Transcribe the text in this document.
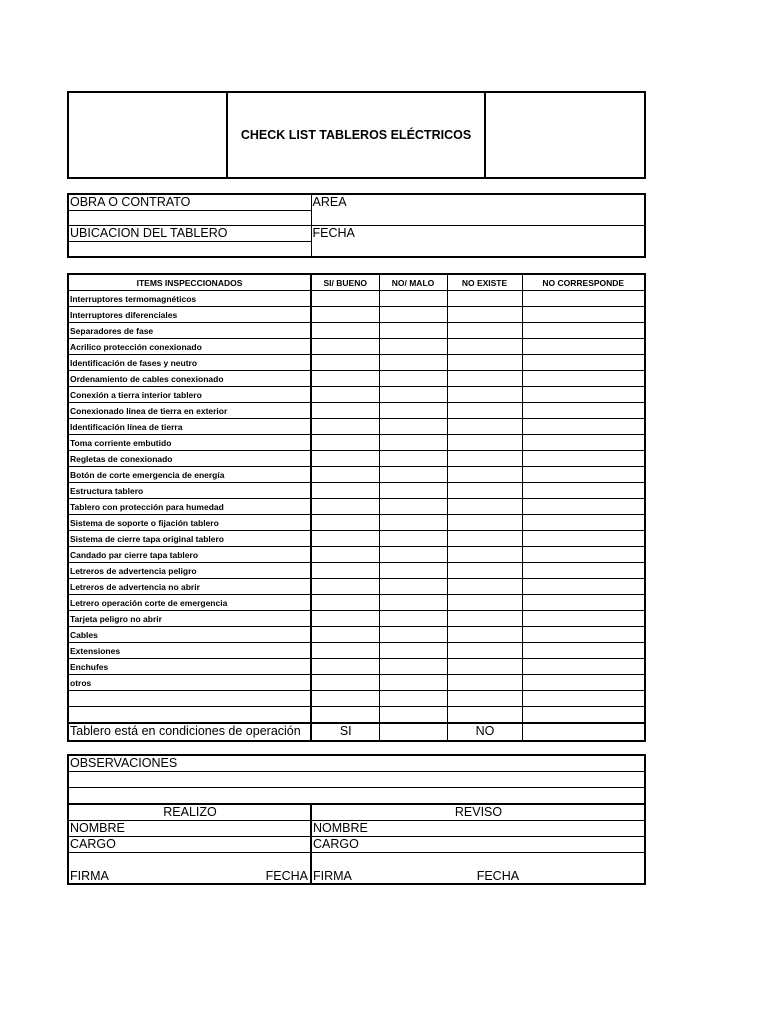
	CHECK LIST TABLEROS ELÉCTRICOS	
OBRA O CONTRATO	AREA

UBICACION DEL TABLERO	FECHA

ITEMS INSPECCIONADOS	SI/ BUENO	NO/ MALO	NO EXISTE	NO CORRESPONDE
Interruptores termomagnéticos				
Interruptores diferenciales				
Separadores de fase				
Acrilico protección conexionado				
Identificación de fases y neutro				
Ordenamiento de cables conexionado				
Conexión a tierra interior tablero				
Conexionado línea de tierra en exterior				
Identificación línea de tierra				
Toma corriente embutido				
Regletas de conexionado				
Botón de corte emergencia de energía				
Estructura tablero				
Tablero con protección para humedad				
Sistema de soporte o fijación tablero				
Sistema de cierre tapa original tablero				
Candado par cierre tapa tablero				
Letreros de advertencia peligro				
Letreros de advertencia no abrir				
Letrero operación corte de emergencia				
Tarjeta peligro no abrir				
Cables				
Extensiones				
Enchufes				
otros				

Tablero está en condiciones de operación	SI		NO	
OBSERVACIONES	

REALIZO	REVISO
NOMBRE	NOMBRE
CARGO	CARGO
FIRMA FECHA	FIRMA FECHA
